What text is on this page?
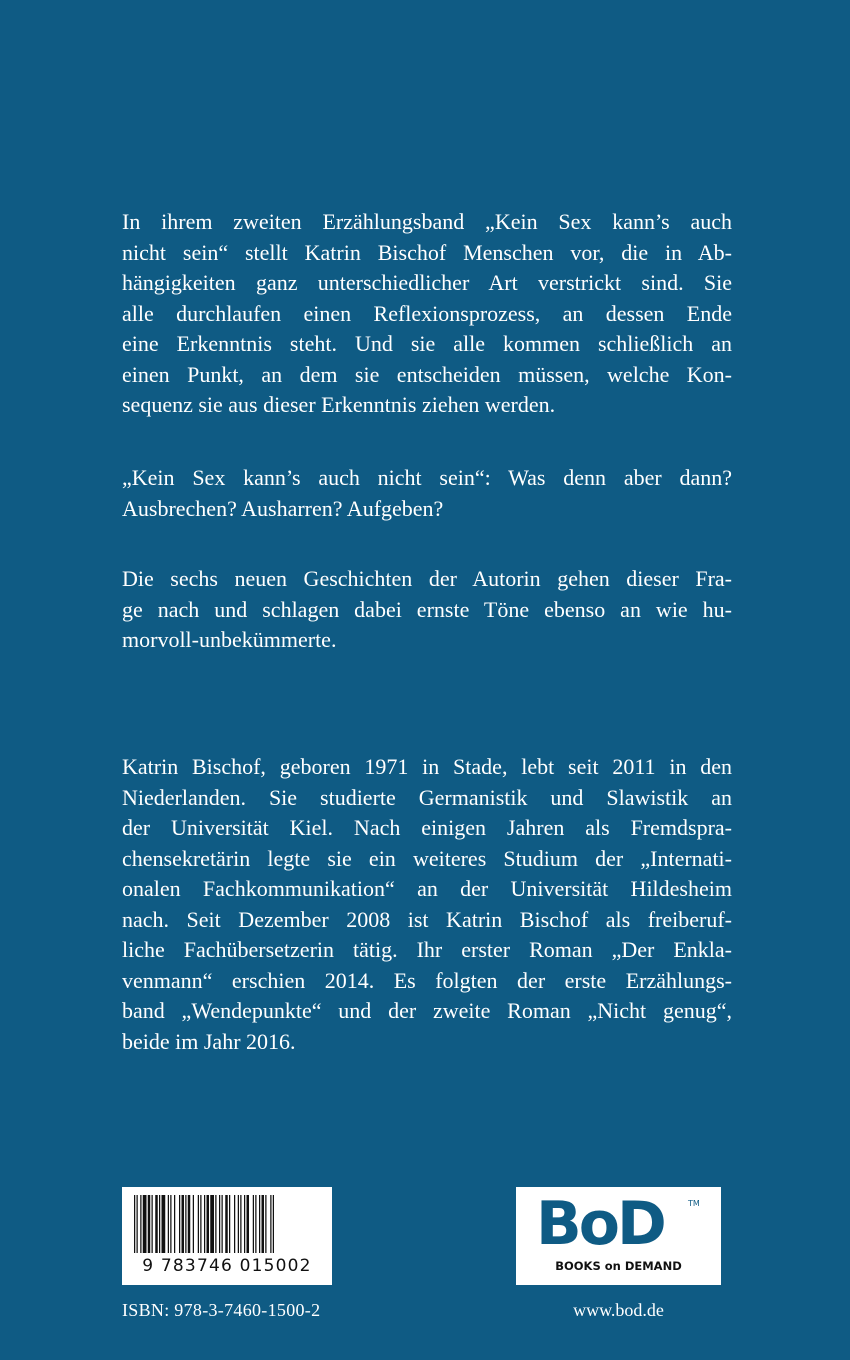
In ihrem zweiten Erzählungsband „Kein Sex kann’s auch
nicht sein“ stellt Katrin Bischof Menschen vor, die in Ab-
hängigkeiten ganz unterschiedlicher Art verstrickt sind. Sie
alle durchlaufen einen Reflexionsprozess, an dessen Ende
eine Erkenntnis steht. Und sie alle kommen schließlich an
einen Punkt, an dem sie entscheiden müssen, welche Kon-
sequenz sie aus dieser Erkenntnis ziehen werden.
„Kein Sex kann’s auch nicht sein“: Was denn aber dann?
Ausbrechen? Ausharren? Aufgeben?
Die sechs neuen Geschichten der Autorin gehen dieser Fra-
ge nach und schlagen dabei ernste Töne ebenso an wie hu-
morvoll-unbekümmerte.
Katrin Bischof, geboren 1971 in Stade, lebt seit 2011 in den
Niederlanden. Sie studierte Germanistik und Slawistik an
der Universität Kiel. Nach einigen Jahren als Fremdspra-
chensekretärin legte sie ein weiteres Studium der „Internati-
onalen Fachkommunikation“ an der Universität Hildesheim
nach. Seit Dezember 2008 ist Katrin Bischof als freiberuf-
liche Fachübersetzerin tätig. Ihr erster Roman „Der Enkla-
venmann“ erschien 2014. Es folgten der erste Erzählungs-
band „Wendepunkte“ und der zweite Roman „Nicht genug“,
beide im Jahr 2016.
9 783746 015002
ISBN: 978-3-7460-1500-2
BoD	TM
BOOKS on DEMAND
www.bod.de
